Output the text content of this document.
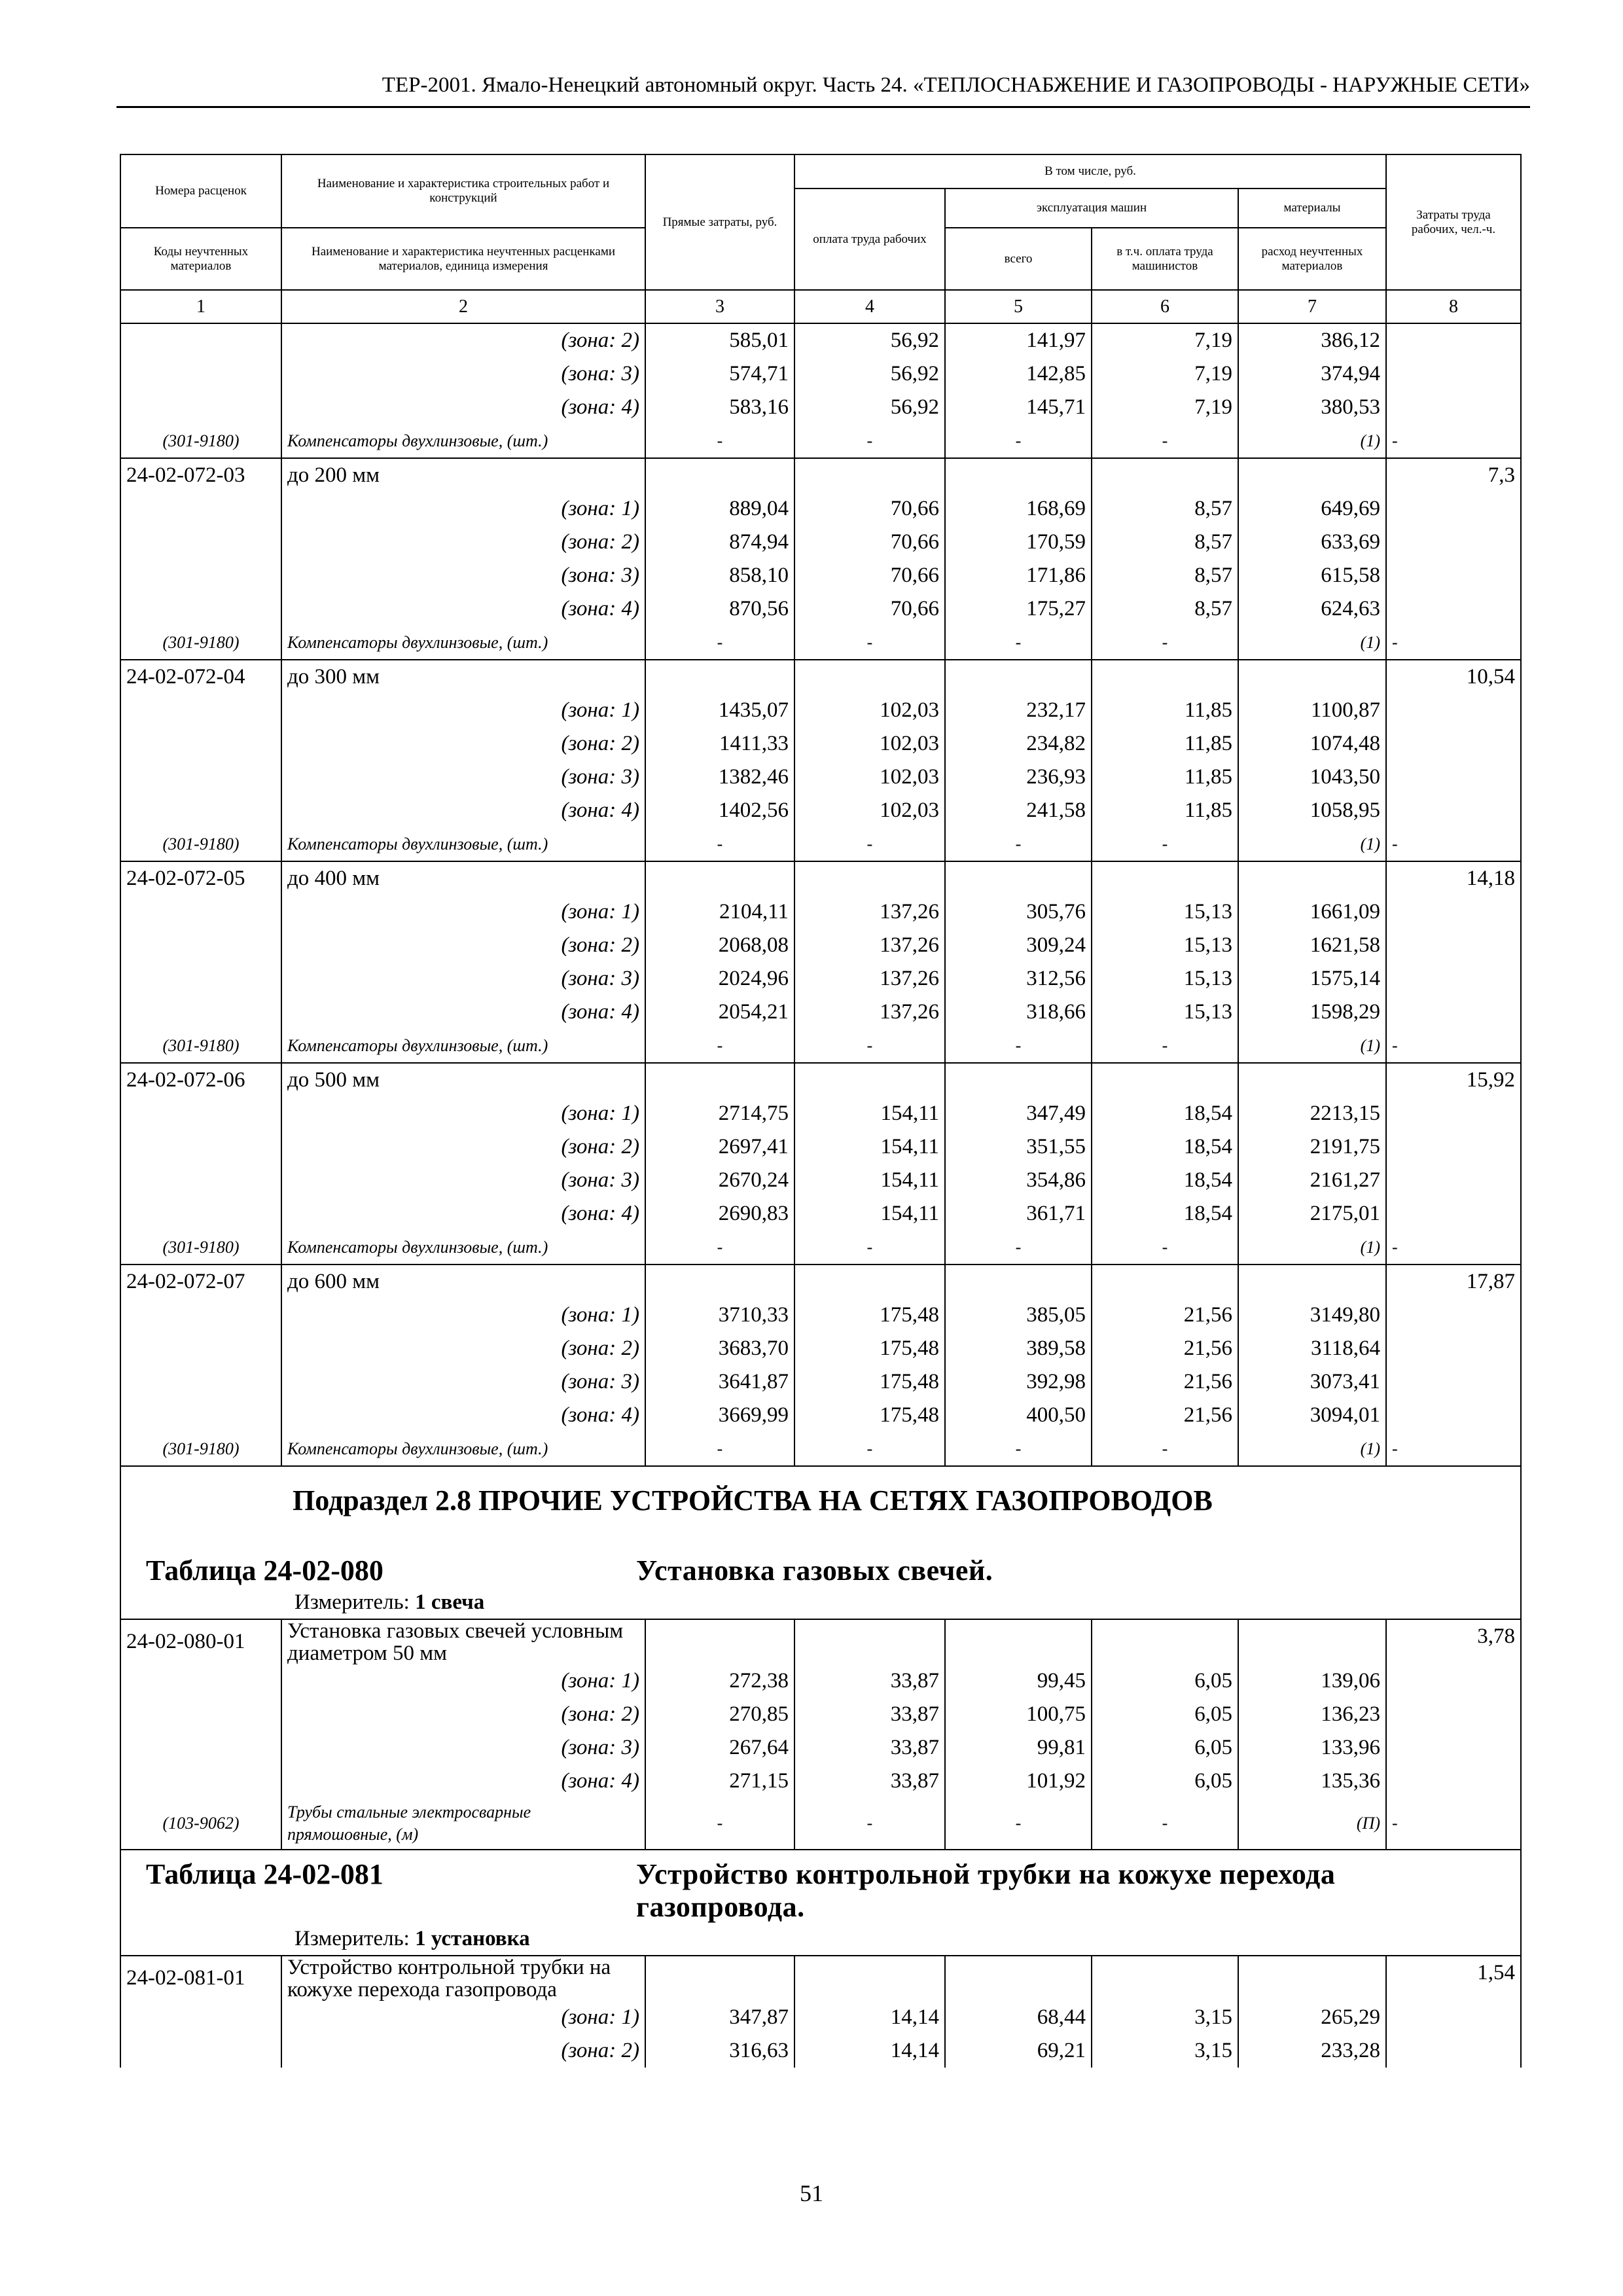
ТЕР-2001. Ямало-Ненецкий автономный округ. Часть 24. «ТЕПЛОСНАБЖЕНИЕ И ГАЗОПРОВОДЫ - НАРУЖНЫЕ СЕТИ»
Номера расценок	Наименование и характеристика строительных работ и конструкций	Прямые затраты, руб.	В том числе, руб.				Затраты труда рабочих, чел.-ч.
			оплата труда рабочих	эксплуатация машин		материалы	
Коды неучтенных материалов	Наименование и характеристика неучтенных расценками материалов, единица измерения			всего	в т.ч. оплата труда машинистов	расход неучтенных материалов	
1	2	3	4	5	6	7	8
	(зона: 2)	585,01	56,92	141,97	7,19	386,12	
	(зона: 3)	574,71	56,92	142,85	7,19	374,94	
	(зона: 4)	583,16	56,92	145,71	7,19	380,53	
(301-9180)	Компенсаторы двухлинзовые, (шт.)	-	-	-	-	(1)	-
24-02-072-03	до 200 мм						7,3
	(зона: 1)	889,04	70,66	168,69	8,57	649,69	
	(зона: 2)	874,94	70,66	170,59	8,57	633,69	
	(зона: 3)	858,10	70,66	171,86	8,57	615,58	
	(зона: 4)	870,56	70,66	175,27	8,57	624,63	
(301-9180)	Компенсаторы двухлинзовые, (шт.)	-	-	-	-	(1)	-
24-02-072-04	до 300 мм						10,54
	(зона: 1)	1435,07	102,03	232,17	11,85	1100,87	
	(зона: 2)	1411,33	102,03	234,82	11,85	1074,48	
	(зона: 3)	1382,46	102,03	236,93	11,85	1043,50	
	(зона: 4)	1402,56	102,03	241,58	11,85	1058,95	
(301-9180)	Компенсаторы двухлинзовые, (шт.)	-	-	-	-	(1)	-
24-02-072-05	до 400 мм						14,18
	(зона: 1)	2104,11	137,26	305,76	15,13	1661,09	
	(зона: 2)	2068,08	137,26	309,24	15,13	1621,58	
	(зона: 3)	2024,96	137,26	312,56	15,13	1575,14	
	(зона: 4)	2054,21	137,26	318,66	15,13	1598,29	
(301-9180)	Компенсаторы двухлинзовые, (шт.)	-	-	-	-	(1)	-
24-02-072-06	до 500 мм						15,92
	(зона: 1)	2714,75	154,11	347,49	18,54	2213,15	
	(зона: 2)	2697,41	154,11	351,55	18,54	2191,75	
	(зона: 3)	2670,24	154,11	354,86	18,54	2161,27	
	(зона: 4)	2690,83	154,11	361,71	18,54	2175,01	
(301-9180)	Компенсаторы двухлинзовые, (шт.)	-	-	-	-	(1)	-
24-02-072-07	до 600 мм						17,87
	(зона: 1)	3710,33	175,48	385,05	21,56	3149,80	
	(зона: 2)	3683,70	175,48	389,58	21,56	3118,64	
	(зона: 3)	3641,87	175,48	392,98	21,56	3073,41	
	(зона: 4)	3669,99	175,48	400,50	21,56	3094,01	
(301-9180)	Компенсаторы двухлинзовые, (шт.)	-	-	-	-	(1)	-

Подраздел 2.8 ПРОЧИЕ УСТРОЙСТВА НА СЕТЯХ ГАЗОПРОВОДОВ
Таблица 24-02-080 Установка газовых свечей.
Измеритель: 1 свеча							

24-02-080-01	Установка газовых свечей условным диаметром 50 мм						3,78
	(зона: 1)	272,38	33,87	99,45	6,05	139,06	
	(зона: 2)	270,85	33,87	100,75	6,05	136,23	
	(зона: 3)	267,64	33,87	99,81	6,05	133,96	
	(зона: 4)	271,15	33,87	101,92	6,05	135,36	
(103-9062)	Трубы стальные электросварные прямошовные, (м)	-	-	-	-	(П)	-

Таблица 24-02-081 Устройство контрольной трубки на кожухе перехода газопровода.
Измеритель: 1 установка							

24-02-081-01	Устройство контрольной трубки на кожухе перехода газопровода						1,54
	(зона: 1)	347,87	14,14	68,44	3,15	265,29	
	(зона: 2)	316,63	14,14	69,21	3,15	233,28	
51
